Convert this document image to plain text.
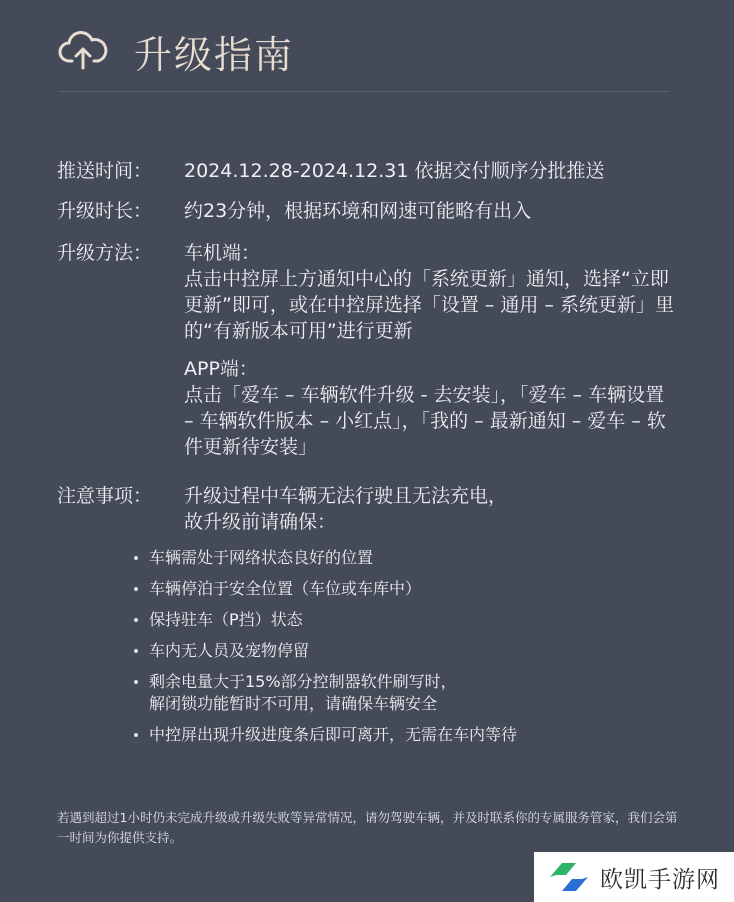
升级指南
推送时间：	2024.12.28-2024.12.31 依据交付顺序分批推送
升级时长：	约23分钟，根据环境和网速可能略有出入
升级方法：	车机端：

点击中控屏上方通知中心的「系统更新」通知，选择“立即更新”即可，或在中控屏选择「设置 – 通用 – 系统更新」里的“有新版本可用”进行更新

APP端：

点击「爱车 – 车辆软件升级 - 去安装」，「爱车 – 车辆设置 – 车辆软件版本 – 小红点」，「我的 – 最新通知 – 爱车 – 软件更新待安装」

注意事项：	升级过程中车辆无法行驶且无法充电，

故升级前请确保：

车辆需处于网络状态良好的位置
车辆停泊于安全位置（车位或车库中）
保持驻车（P挡）状态
车内无人员及宠物停留
剩余电量大于15%部分控制器软件刷写时，
解闭锁功能暂时不可用，请确保车辆安全
中控屏出现升级进度条后即可离开，无需在车内等待
若遇到超过1小时仍未完成升级或升级失败等异常情况，请勿驾驶车辆，并及时联系你的专属服务管家，我们会第一时间为你提供支持。
欧凯手游网
